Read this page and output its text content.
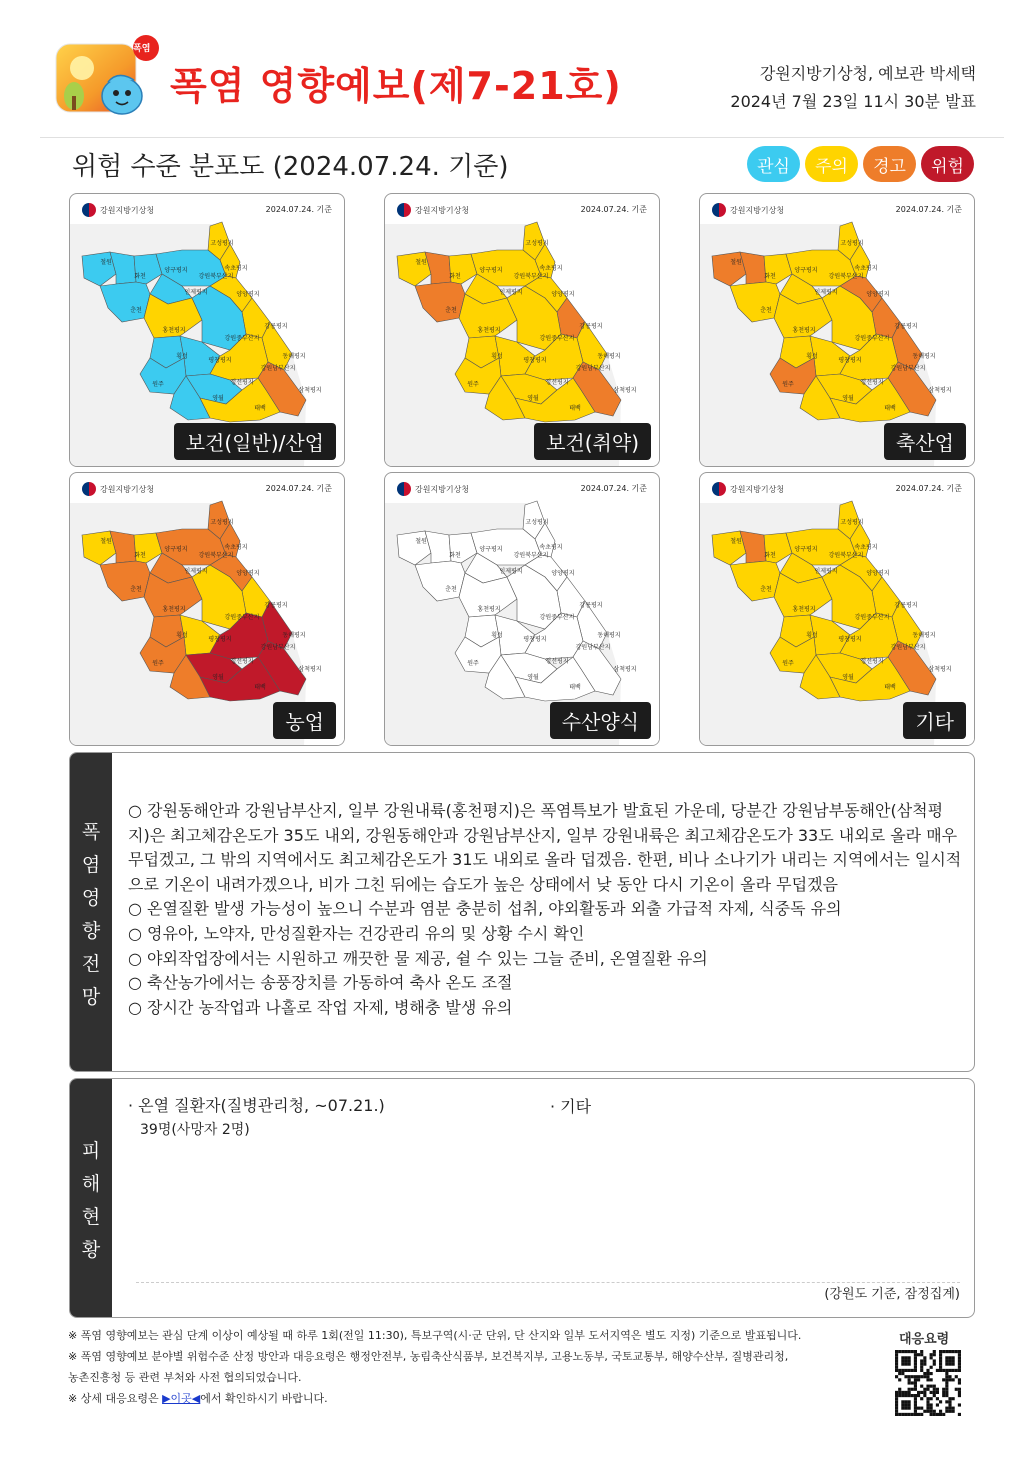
폭염
폭염 영향예보(제7-21호)	강원지방기상청, 예보관 박세택
2024년 7월 23일 11시 30분 발표
위험 수준 분포도 (2024.07.24. 기준)	관심	주의	경고	위험
철원
화천
양구평지
고성평지
속초평지
강원북부산지
인제평지	양양평지
춘천
홍천평지
강릉평지
강원중부산지
횡성
평창평지
동해평지
강원남부산지
원주	정선평지
삼척평지
영월
태백
강원지방기상청	2024.07.24. 기준
보건(일반)/산업
철원
화천
양구평지
고성평지
속초평지
강원북부산지
인제평지	양양평지
춘천
홍천평지
강릉평지
강원중부산지
횡성
평창평지
동해평지
강원남부산지
원주	정선평지
삼척평지
영월
태백
강원지방기상청	2024.07.24. 기준
보건(취약)
철원
화천
양구평지
고성평지
속초평지
강원북부산지
인제평지	양양평지
춘천
홍천평지
강릉평지
강원중부산지
횡성
평창평지
동해평지
강원남부산지
원주	정선평지
삼척평지
영월
태백
강원지방기상청	2024.07.24. 기준
축산업
철원
화천
양구평지
고성평지
속초평지
강원북부산지
인제평지	양양평지
춘천
홍천평지
강릉평지
강원중부산지
횡성
평창평지
동해평지
강원남부산지
원주	정선평지
삼척평지
영월
태백
강원지방기상청	2024.07.24. 기준
농업
철원
화천
양구평지
고성평지
속초평지
강원북부산지
인제평지	양양평지
춘천
홍천평지
강릉평지
강원중부산지
횡성
평창평지
동해평지
강원남부산지
원주	정선평지
삼척평지
영월
태백
강원지방기상청	2024.07.24. 기준
수산양식
철원
화천
양구평지
고성평지
속초평지
강원북부산지
인제평지	양양평지
춘천
홍천평지
강릉평지
강원중부산지
횡성
평창평지
동해평지
강원남부산지
원주	정선평지
삼척평지
영월
태백
강원지방기상청	2024.07.24. 기준
기타
폭
염
영
향
전
망

○ 강원동해안과 강원남부산지, 일부 강원내륙(홍천평지)은 폭염특보가 발효된 가운데, 당분간 강원남부동해안(삼척평지)은 최고체감온도가 35도 내외, 강원동해안과 강원남부산지, 일부 강원내륙은 최고체감온도가 33도 내외로 올라 매우 무덥겠고, 그 밖의 지역에서도 최고체감온도가 31도 내외로 올라 덥겠음. 한편, 비나 소나기가 내리는 지역에서는 일시적으로 기온이 내려가겠으나, 비가 그친 뒤에는 습도가 높은 상태에서 낮 동안 다시 기온이 올라 무덥겠음

○ 온열질환 발생 가능성이 높으니 수분과 염분 충분히 섭취, 야외활동과 외출 가급적 자제, 식중독 유의

○ 영유아, 노약자, 만성질환자는 건강관리 유의 및 상황 수시 확인

○ 야외작업장에서는 시원하고 깨끗한 물 제공, 쉴 수 있는 그늘 준비, 온열질환 유의

○ 축산농가에서는 송풍장치를 가동하여 축사 온도 조절

○ 장시간 농작업과 나홀로 작업 자제, 병해충 발생 유의

피
해
현
황
· 온열 질환자(질병관리청, ~07.21.)
39명(사망자 2명)
· 기타
(강원도 기준, 잠정집계)
※ 폭염 영향예보는 관심 단계 이상이 예상될 때 하루 1회(전일 11:30), 특보구역(시·군 단위, 단 산지와 일부 도서지역은 별도 지정) 기준으로 발표됩니다.
※ 폭염 영향예보 분야별 위험수준 산정 방안과 대응요령은 행정안전부, 농림축산식품부, 보건복지부, 고용노동부, 국토교통부, 해양수산부, 질병관리청,
농촌진흥청 등 관련 부처와 사전 협의되었습니다.
※ 상세 대응요령은 ▶이곳◀에서 확인하시기 바랍니다.
대응요령
